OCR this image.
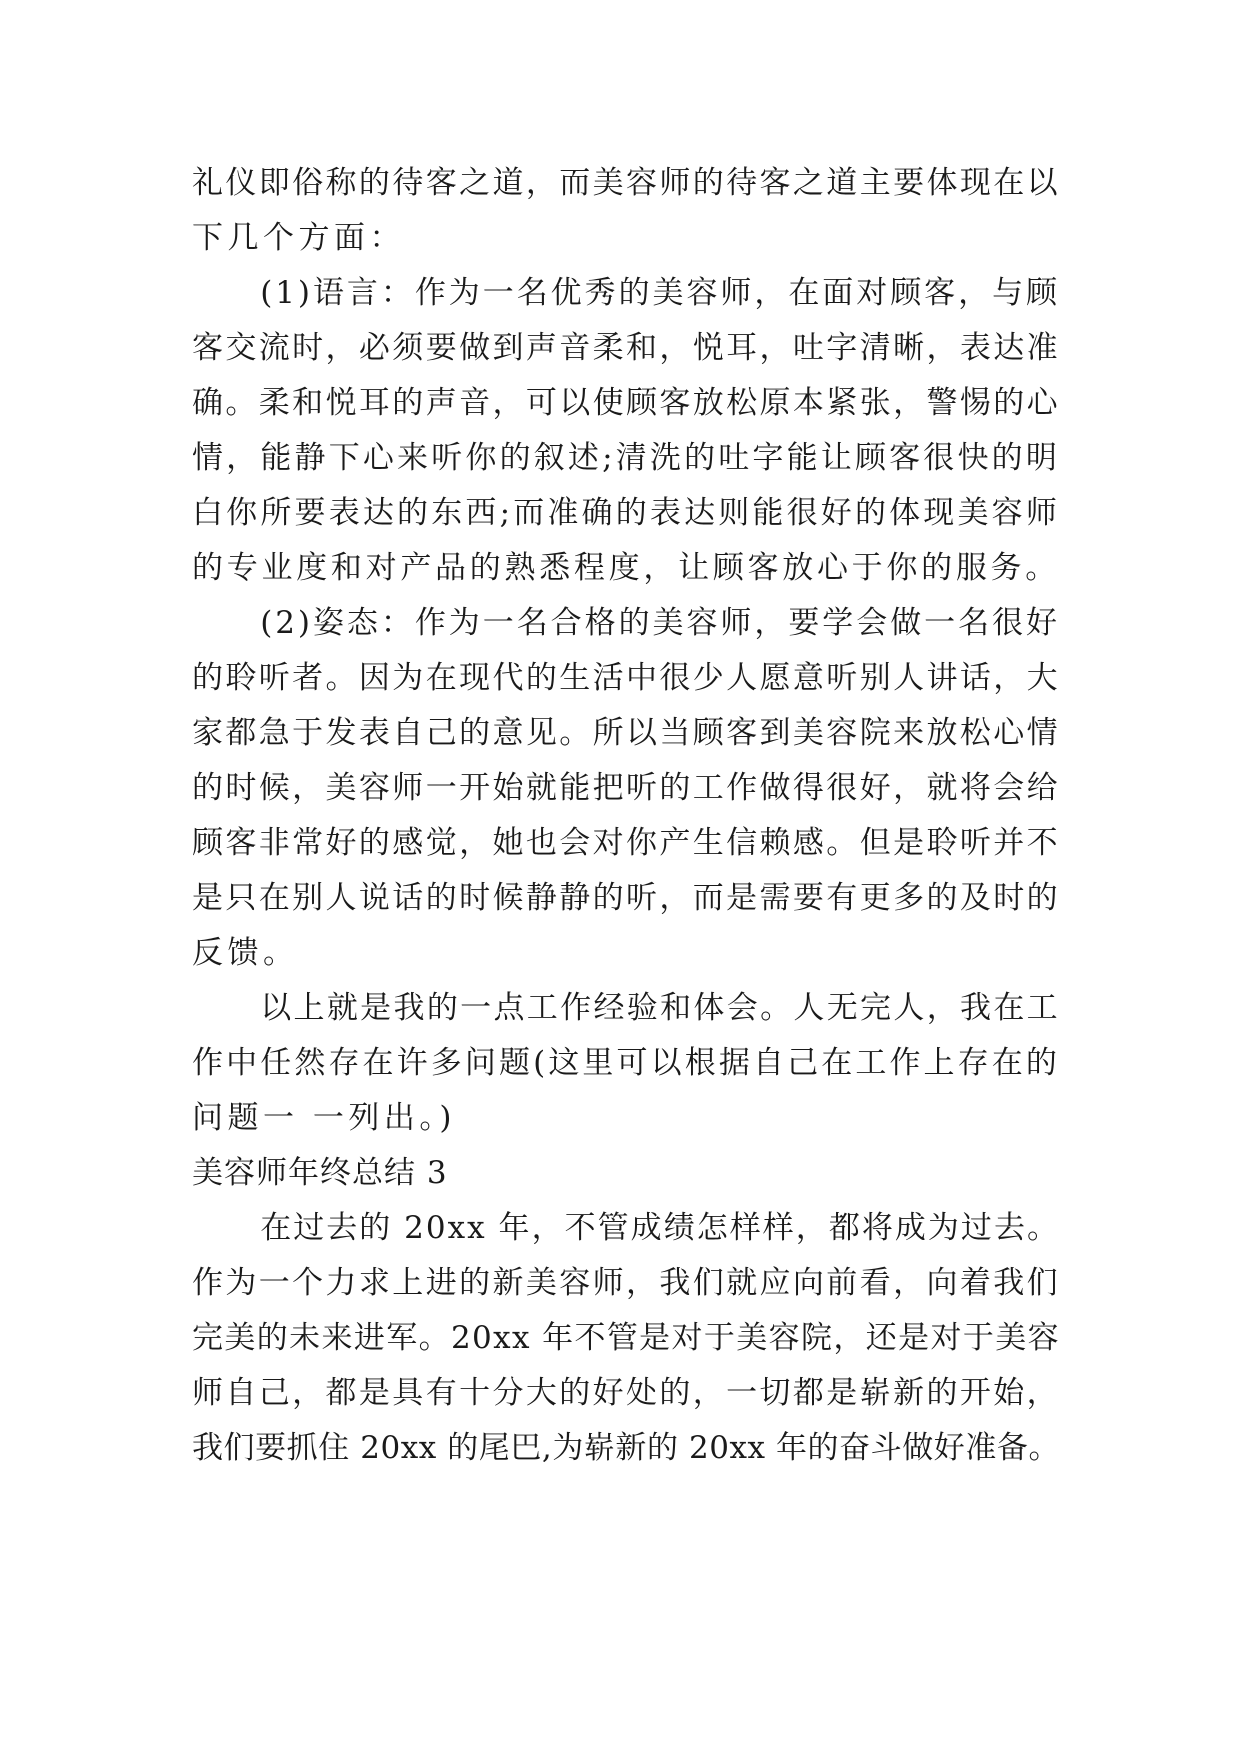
礼仪即俗称的待客之道，而美容师的待客之道主要体现在以
下几个方面：
(1)语言：作为一名优秀的美容师，在面对顾客，与顾
客交流时，必须要做到声音柔和，悦耳，吐字清晰，表达准
确。柔和悦耳的声音，可以使顾客放松原本紧张，警惕的心
情，能静下心来听你的叙述;清洗的吐字能让顾客很快的明
白你所要表达的东西;而准确的表达则能很好的体现美容师
的专业度和对产品的熟悉程度，让顾客放心于你的服务。
(2)姿态：作为一名合格的美容师，要学会做一名很好
的聆听者。因为在现代的生活中很少人愿意听别人讲话，大
家都急于发表自己的意见。所以当顾客到美容院来放松心情
的时候，美容师一开始就能把听的工作做得很好，就将会给
顾客非常好的感觉，她也会对你产生信赖感。但是聆听并不
是只在别人说话的时候静静的听，而是需要有更多的及时的
反馈。
以上就是我的一点工作经验和体会。人无完人，我在工
作中任然存在许多问题(这里可以根据自己在工作上存在的
问题一 一列出。)
美容师年终总结 3
在过去的 20xx 年，不管成绩怎样样，都将成为过去。
作为一个力求上进的新美容师，我们就应向前看，向着我们
完美的未来进军。20xx 年不管是对于美容院，还是对于美容
师自己，都是具有十分大的好处的，一切都是崭新的开始，
我们要抓住 20xx 的尾巴,为崭新的 20xx 年的奋斗做好准备。
